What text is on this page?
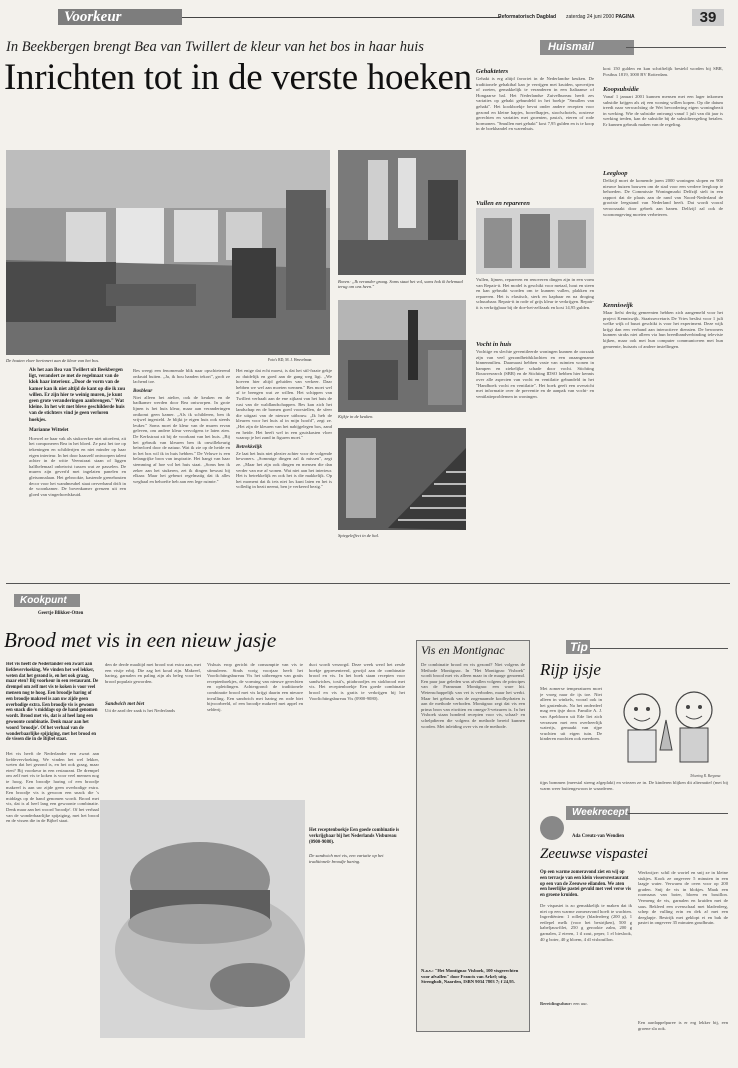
Voorkeur	Reformatorisch Dagblad zaterdag 24 juni 2000 PAGINA	39
In Beekbergen brengt Bea van Twillert de kleur van het bos in haar huis
Inrichten tot in de verste hoeken
De houten vloer herinnert aan de kleur van het bos.	Foto's RD, M. J. Heuvelman
Boven: „Ik verander graag. Soms staat het vol, soms hok ik helemaal terug om ons heen."
Kijkje in de keuken.
Spiegeleffect in de hal.
Als het aan Bea van Twillert uit Beekbergen ligt, verandert ze met de regelmaat van de klok haar interieur. „Door de vorm van de kamer kan ik niet altijd de kant op die ik zou willen. Er zijn hier te weinig muren, je kunt geen grote veranderingen aanbrengen." Wat kleine. In het wit met bleve geschilderde huis van de stichters vind je geen verloren hoekjes.
Marianne Wittelet
Hoewel ze haar vak als stukwerker niet uitoefent, zit het componeren Bea in het bloed. Ze past het toe op tekeningen en schilderijen en niet minder op haar eigen interieur. In het door haarzelf ontworpen talent achter in de witte Veenstraat staan of liggen halfhelemaal onbetwist tussen wat ze passelen. De muren zijn geverfd met ingelaten panelen en gletsonnalaan. Het gebrookte, kastende grenehouten decor voor het wandmeubel staat oerverband drift in de woonkamer. De bovenkamer grenzen uit een gloed van vingerhoedskruid.
Bes weegt een fenomenale blik naar opschieterend onkruid buiten. „Ja, ik hou handen tekort", groft ze lachend toe.
Bosbleur
Niet alleen het atelier, ook de keuken en de badkamer werden door Bea ontworpen. In grote lijnen is het huis kleur, maar aan veranderingen ontkomt geen kamer. „Als ik schilderen, ben ik vrijwel ingesteld. Je blijkt je eigen huis ook steeds leuker." Soms moet de kleur van de muren ervan geleven, om andere kleur vervolgens te laten zien. De Kerkstraat zit bij de voorkant van het huis. „Bij het gebruik van kleuren ben ik onwillekeurig beïnvloed door de natuur. Wat ik zie op de heide en in het bos wil ik in huis hebben." De Veluwe is een belangrijke bron van inspiratie. Het hangt van haar stemming af hoe vol het huis staat. „Soms ben ik zeker aan het stukeren, zet ik dingen bewust bij elkaar. Maar het gebeurt regelmatig dat ik alles weghaal en behoefte heb aan een lege ruimte."
Het enige dat echt moest, is dat het stil-fraaie gekje zo duidelijk en goed aan de gang weg ligt. „We hoeven hier altijd geluiden van verkeer. Daar hebben we wel aan moeten wennen." Bes moet wel af te brengen wat ze willen. Het schippen van Twillert verhaalt aan de ene zijkant van het huis de rust van de waldlandschappen. Bes kan zich het landschap en de bomen goed voorstellen, de sfeer die uitgaat van de nieuwe uitbouw. „Ik heb de kleuren voor het huis al in mijn hoofd", zegt ze. „Het zijn de kleuren van het nabijgelegen bos, zand en heide. Het heeft wel in een gruiskasten vloer waarop je het zand in figuren moet."
Betrekkelijk
Ze laat het huis niet plezier achter voor de volgende bewoners. „Sommige dingen zal ik missen", zegt ze. „Maar het zijn ook dingen en mensen die dan verder van me af wonen. Wat niet aan het interieur. Het is betrekkelijk en ook het is die makkelijk. Op het moment dat ik iets niet los kunt laten en het is volledig in bezit neemt, ben je verkeerd bezig."
Huismail
Gehakteters
Gehakt is erg altijd favoriet in de Nederlandse keuken. De traditionele gehaktbal kan je verrijgen met kruiden, specerijen of zoeten, gemakkelijk te veranderen in een Italiaanse of Hongaarse bal. Het Nederlandse Zuivelbureau heeft zes variaties op gehakt gebundeld in het boekje "Smullen van gehakt". Het kookboekje bevat onder andere recepten voor gezond en kleine hapjes, borrelhapjes, stoofschotels, oosterse gerechten en variaties met groenten, pasta's, eieren of rode hormonen. "Smullen met gehakt" kost 7,95 gulden en is te koop in de boekhandel en warenhuis.
Vullen en repareren
Vullen, lijmen, repareren en renoveren dingen zijn in een vorm van Repair-it. Het model is geschikt voor metaal, hout en steen en kan gebruikt worden om te kunnen vullen, plakken en repareren. Het is elastisch, sterk en kapbaar en na droging schuurbaar. Repair-it in rode of grijs kleur te verkrijgen. Repair-it is verkrijgbaar bij de doe-het-zelfzaak en kost 14,95 gulden.
Vocht in huis
Vochtige en slechte geventileerde woningen kunnen de oorzaak zijn van veel gezondheidsklachten en een onaangename binnenmilieu. Daarnaast hebben vaste van ruimten wonen in kampen en ziekelijke schade door vocht. Stichting Bouwresearch (SBR) en de Stichting IDSO hebben hier kennis over alle aspecten van vocht en ventilatie gebundeld in het "Handboek vocht en ventilatie". Het boek geeft een overzicht met informatie over de preventie en de aanpak van vocht- en ventilatieproblemen in woningen.
kost 150 gulden en kan schriftelijk besteld worden bij SBR, Postbus 1819, 3000 BV Rotterdam.
Koopsubsidie
Vanaf 1 januari 2001 kunnen mensen met een lager inkomen subsidie krijgen als zij een woning willen kopen. Op die datum treedt naar verwachting de Wet bevordering eigen woningbezit in werking. Wie de subsidie ontvangt vanaf 1 juli van dit jaar is werking treden, kan de subsidie bij de subsidieregeling betalen. Er kunnen gebruik maken van de regeling.
Leegloop
Delfzijl moet de komende jaren 2000 woningen slopen en 900 nieuwe huizen bouwen om de stad voor een verdere leegloop te behoeden. De Commissie Woningmarkt Delfzijl stelt in een rapport dat de plaats aan de rand van Noord-Nederland de grootste leegstand van Nederland heeft. Dat wordt vooral veroorzaakt door gebrek aan banen. Delfzijl zal ook de woonomgeving moeten verbeteren.
Kenniswijk
Maar liefst dertig gemeenten hebben zich aangemeld voor het project Kenniswijk. Staatssecretaris De Vries beslist voor 1 juli welke wijk of buurt geschikt is voor het experiment. Deze wijk krijgt dan een verband aan interactieve diensten. De bewoners kunnen straks niet alleen via hun breedbandverbinding televisie kijken, maar ook met hun computer communiceren met hun gemeente, huisarts of andere instellingen.
Kookpunt
Geertje Blikker-Otten
Brood met vis in een nieuw jasje
Het vis heeft de Nederlander een zwart aan liefdevervloeking. We vinden het wel lekker, weten dat het gezond is, en het ook graag, maar eten? Bij voorkeur in een restaurant. De drempel om zelf met vis te koken is voor veel mensen nog te hoog. Een broodje haring of een broodje makreel is aan uw zijde geen overbodige extra. Een broodje vis is gewoon een snack die 's middags op de hand genomen wordt. Brood met vis, dat is al heel lang een gewoonte combinatie. Denk maar aan het woord 'broodje'. Of het verhaal van de wonderbaarlijke spijziging, met het brood en de vissen die in de Bijbel staat.
Het vis heeft de Nederlander een zwart aan liefdevervloeking. We vinden het wel lekker, weten dat het gezond is, en het ook graag, maar eten? Bij voorkeur in een restaurant. De drempel om zelf met vis te koken is voor veel mensen nog te hoog. Een broodje haring of een broodje makreel is aan uw zijde geen overbodige extra. Een broodje vis is gewoon een snack die 's middags op de hand genomen wordt. Brood met vis, dat is al heel lang een gewoonte combinatie. Denk maar aan het woord 'broodje'. Of het verhaal van de wonderbaarlijke spijziging, met het brood en de vissen die in de Bijbel staat.
den de derde maaltijd met brood wat extra aan, met een vistje erbij. Die zag het koud zijn. Makreel, haring, garnalen en paling zijn als beleg voor het brood populair geworden.
Sandwich met biet
Uit de aard der zaak is het Nederlands
Vishuis erop gericht de consumptie van vis te stimuleren. Sinds vorig voorjaar heeft het Voorlichtingsbureau Vis het uitbrengen van gratis receptenboekjes, de vorming van nieuwe gerechten en opleidingen. Achtergrond: de traditionele combinatie brood met vis krijgt daarin een nieuwe invulling. Een sandwich met haring en rode biet bijvoorbeeld, of een broodje makreel met appel en selderij.
duct wordt verzorgd. Deze week werd het zesde boekje gepresenteerd, gewijd aan de combinatie brood en vis. In het boek staan recepten voor sandwiches, tosti's, pitabroodjes en stokbrood met vis. Het receptenboekje Een goede combinatie brood en vis is gratis te verkrijgen bij het Voorlichtingsbureau Vis (0900-9080).
Het receptenboekje Een goede combinatie is verkrijgbaar bij het Nederlands Visbureau (0900-9080).
De sandwich met vis, een variatie op het traditionele broodje haring.
Vis en Montignac
De combinatie brood en vis gezond? Niet volgens de Methode Montignac. In "Het Montignac Visboek" wordt brood met vis alleen maar in de marge genoemd. Een paar jaar geleden was afvallen volgens de principes van de Fransman Montignac een ware hit. Wetenschappelijk van vet is verboden, maar het werkt. Maar het gebruik van de zogenaamde koolhydraten is aan de methode verboden. Montignac zegt dat vis een prima bron van eiwitten en omega-3-vetzuren is. In het Visboek staan honderd recepten voor vis, schaal- en schelpdieren die volgens de methode bereid kunnen worden. Met inleiding over vis en de methode.
N.a.v.: "Het Montignac Visboek, 100 visgerechten voor afvallen" door Francis van Arkel; uitg. Strengholt, Naarden, ISBN 9034 7803 7; f 24,95.
Tip
Rijp ijsje
Met zomerse temperaturen moet je vroeg naar de ijs toe. Niet alleen in winkels, vooral ook in het gastenhuis. Na het onderdeel mag een ijsje door. Familie A. J. van Apeldoorn uit Ede liet zich verrassen met een overheerlijk waterijs, gemaakt van rijpe vruchten uit eigen tuin. De kinderen mochten ook meedoen.
Tekening R. Bergsma
tijps bommen (meestal streng afgeplakt) en vriezen ze in. De kinderen blijken dit alternatief (met bij warm weer buitengewoon te waarderen.
Weekrecept
Ada Creutz-van Wendien
Zeeuwse vispastei
Op een warme zomeravond ziet en wij op een terrasje van een klein vissersrestaurant op een van de Zeeuwse eilanden. We aten een heerlijke pastei gevuld met veel verse vis en groene kruiden.
De vispastei is zo gemakkelijk te maken dat ik niet op een warme zomeravond hoeft te wachten. Ingrediënten: 1 rolletje (bladerdeeg (200 g), 1 eetlepel melk (voor het bestrijken), 500 g kabeljauwfilet, 250 g gerookte zalm, 200 g garnalen, 2 eieren, 1 tl zout, peper, 1 el bieslook, 40 g boter, 40 g bloem, 4 dl visbouillon.
Bereidingsduur: een uur.
Werkwijze: schil de wortel en snij ze in kleine stukjes. Kook ze ongeveer 5 minuten in een laagje water. Verwarm de oven voor op 200 graden. Snij de vis in blokjes. Maak een roomsaus van boter, bloem en bouillon. Vermeng de vis, garnalen en kruiden met de saus. Bekleed een ovenschaal met bladerdeeg, schep de vulling erin en dek af met een deeglapje. Bestrijk met geklopt ei en bak de pastei in ongeveer 35 minuten goudbruin.
Een aardappelpuree is er erg lekker bij, een groene sla ook.
